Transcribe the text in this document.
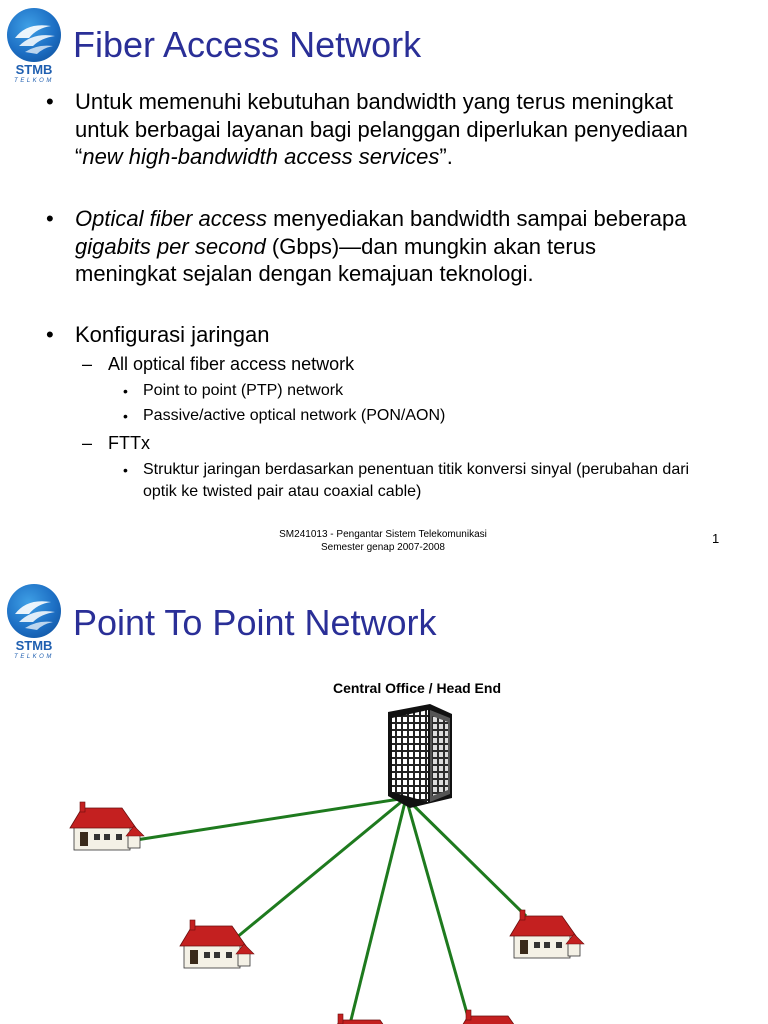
STMB
TELKOM
Fiber Access Network
• Untuk memenuhi kebutuhan bandwidth yang terus meningkat untuk berbagai layanan bagi pelanggan diperlukan penyediaan “new high-bandwidth access services”.
• Optical fiber access menyediakan bandwidth sampai beberapa gigabits per second (Gbps)—dan mungkin akan terus meningkat sejalan dengan kemajuan teknologi.
• Konfigurasi jaringan
– All optical fiber access network
• Point to point (PTP) network
• Passive/active optical network (PON/AON)
– FTTx
• Struktur jaringan berdasarkan penentuan titik konversi sinyal (perubahan dari optik ke twisted pair atau coaxial cable)
SM241013 - Pengantar Sistem Telekomunikasi
Semester genap 2007-2008
1
STMB
TELKOM
Point To Point Network
Central Office / Head End
